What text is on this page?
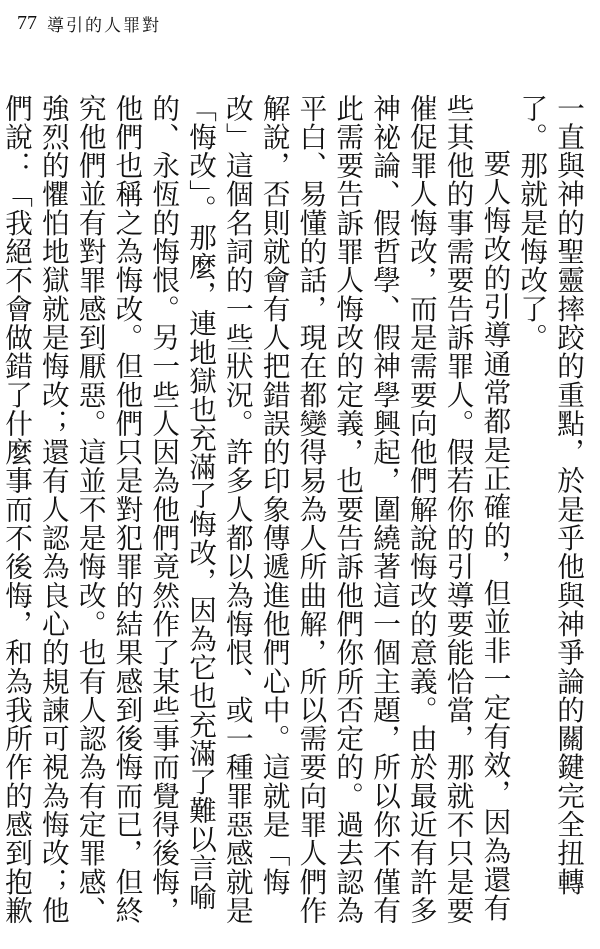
77 導引的人罪對

一直與神的聖靈摔跤的重點，於是乎他與神爭論的關鍵完全扭轉了。那就是悔改了。

要人悔改的引導通常都是正確的，但並非一定有效，因為還有些其他的事需要告訴罪人。假若你的引導要能恰當，那就不只是要催促罪人悔改，而是需要向他們解說悔改的意義。由於最近有許多神祕論、假哲學、假神學興起，圍繞著這一個主題，所以你不僅有此需要告訴罪人悔改的定義，也要告訴他們你所否定的。過去認為平白、易懂的話，現在都變得易為人所曲解，所以需要向罪人們作解說，否則就會有人把錯誤的印象傳遞進他們心中。這就是「悔改」這個名詞的一些狀況。許多人都以為悔恨、或一種罪惡感就是「悔改」。那麼，連地獄也充滿了悔改，因為它也充滿了難以言喻的、永恆的悔恨。另一些人因為他們竟然作了某些事而覺得後悔，他們也稱之為悔改。但他們只是對犯罪的結果感到後悔而已，但終究他們並有對罪感到厭惡。這並不是悔改。也有人認為有定罪感、強烈的懼怕地獄就是悔改；還有人認為良心的規諫可視為悔改；他們說：「我絕不會做錯了什麼事而不後悔，和為我所作的感到抱歉
